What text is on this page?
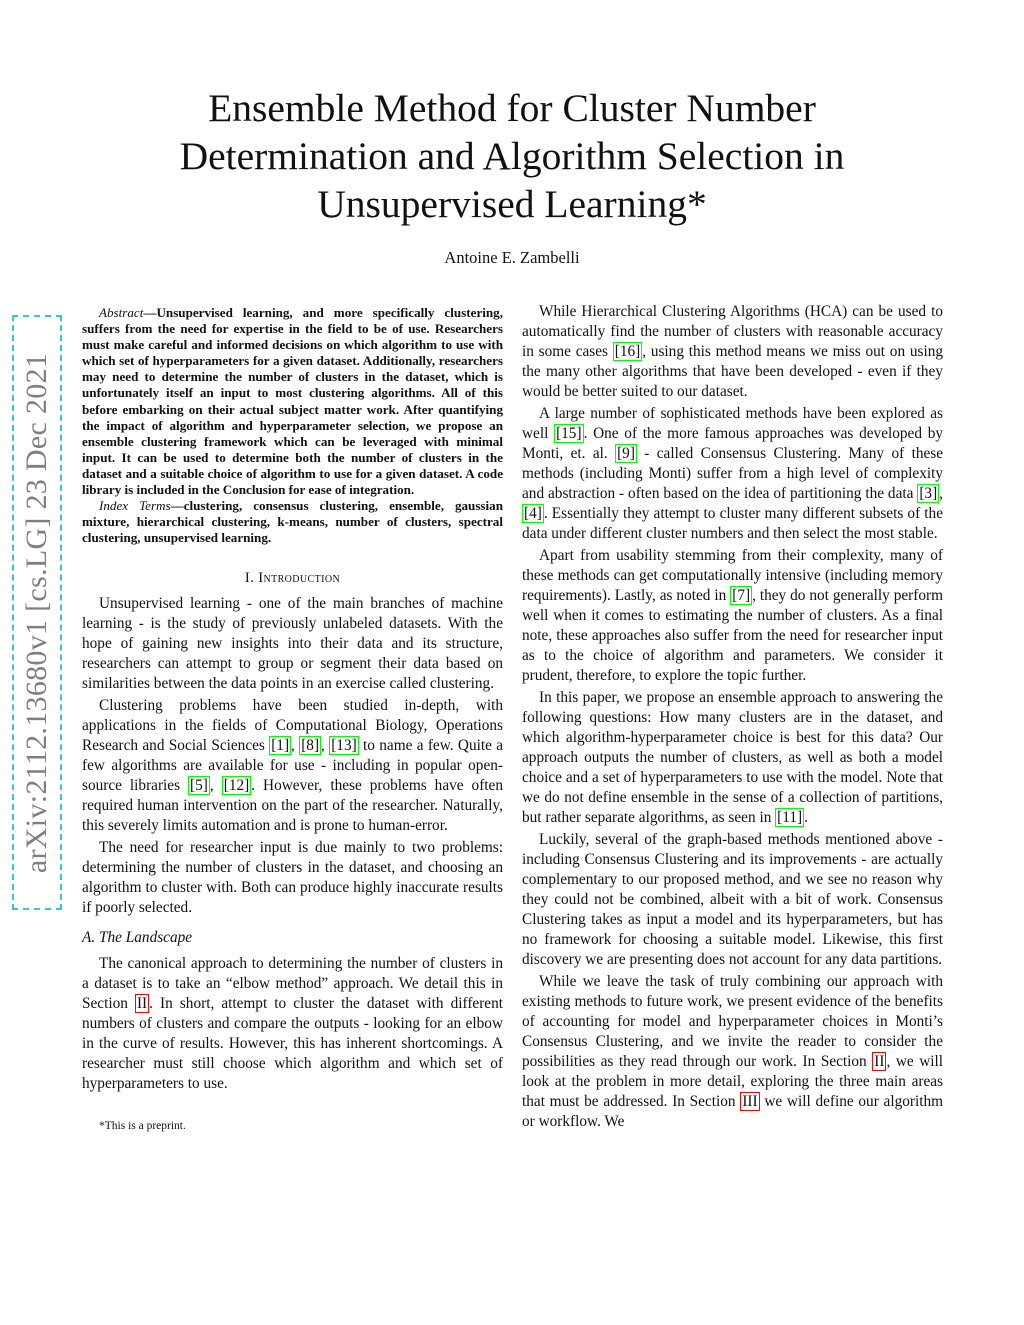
arXiv:2112.13680v1 [cs.LG] 23 Dec 2021
Ensemble Method for Cluster Number
Determination and Algorithm Selection in
Unsupervised Learning*
Antoine E. Zambelli

Abstract—Unsupervised learning, and more specifically clustering, suffers from the need for expertise in the field to be of use. Researchers must make careful and informed decisions on which algorithm to use with which set of hyperparameters for a given dataset. Additionally, researchers may need to determine the number of clusters in the dataset, which is unfortunately itself an input to most clustering algorithms. All of this before embarking on their actual subject matter work. After quantifying the impact of algorithm and hyperparameter selection, we propose an ensemble clustering framework which can be leveraged with minimal input. It can be used to determine both the number of clusters in the dataset and a suitable choice of algorithm to use for a given dataset. A code library is included in the Conclusion for ease of integration.

Index Terms—clustering, consensus clustering, ensemble, gaussian mixture, hierarchical clustering, k-means, number of clusters, spectral clustering, unsupervised learning.

I. Introduction

Unsupervised learning - one of the main branches of machine learning - is the study of previously unlabeled datasets. With the hope of gaining new insights into their data and its structure, researchers can attempt to group or segment their data based on similarities between the data points in an exercise called clustering.

Clustering problems have been studied in-depth, with applications in the fields of Computational Biology, Operations Research and Social Sciences [1] , [8] , [13] to name a few. Quite a few algorithms are available for use - including in popular open-source libraries [5] , [12] . However, these problems have often required human intervention on the part of the researcher. Naturally, this severely limits automation and is prone to human-error.

The need for researcher input is due mainly to two problems: determining the number of clusters in the dataset, and choosing an algorithm to cluster with. Both can produce highly inaccurate results if poorly selected.

A. The Landscape

The canonical approach to determining the number of clusters in a dataset is to take an “elbow method” approach. We detail this in Section II . In short, attempt to cluster the dataset with different numbers of clusters and compare the outputs - looking for an elbow in the curve of results. However, this has inherent shortcomings. A researcher must still choose which algorithm and which set of hyperparameters to use.

*This is a preprint.

While Hierarchical Clustering Algorithms (HCA) can be used to automatically find the number of clusters with reasonable accuracy in some cases [16] , using this method means we miss out on using the many other algorithms that have been developed - even if they would be better suited to our dataset.

A large number of sophisticated methods have been explored as well [15] . One of the more famous approaches was developed by Monti, et. al. [9] - called Consensus Clustering. Many of these methods (including Monti) suffer from a high level of complexity and abstraction - often based on the idea of partitioning the data [3] , [4] . Essentially they attempt to cluster many different subsets of the data under different cluster numbers and then select the most stable.

Apart from usability stemming from their complexity, many of these methods can get computationally intensive (including memory requirements). Lastly, as noted in [7] , they do not generally perform well when it comes to estimating the number of clusters. As a final note, these approaches also suffer from the need for researcher input as to the choice of algorithm and parameters. We consider it prudent, therefore, to explore the topic further.

In this paper, we propose an ensemble approach to answering the following questions: How many clusters are in the dataset, and which algorithm-hyperparameter choice is best for this data? Our approach outputs the number of clusters, as well as both a model choice and a set of hyperparameters to use with the model. Note that we do not define ensemble in the sense of a collection of partitions, but rather separate algorithms, as seen in [11] .

Luckily, several of the graph-based methods mentioned above - including Consensus Clustering and its improvements - are actually complementary to our proposed method, and we see no reason why they could not be combined, albeit with a bit of work. Consensus Clustering takes as input a model and its hyperparameters, but has no framework for choosing a suitable model. Likewise, this first discovery we are presenting does not account for any data partitions.

While we leave the task of truly combining our approach with existing methods to future work, we present evidence of the benefits of accounting for model and hyperparameter choices in Monti’s Consensus Clustering, and we invite the reader to consider the possibilities as they read through our work. In Section II , we will look at the problem in more detail, exploring the three main areas that must be addressed. In Section III we will define our algorithm or workflow. We
